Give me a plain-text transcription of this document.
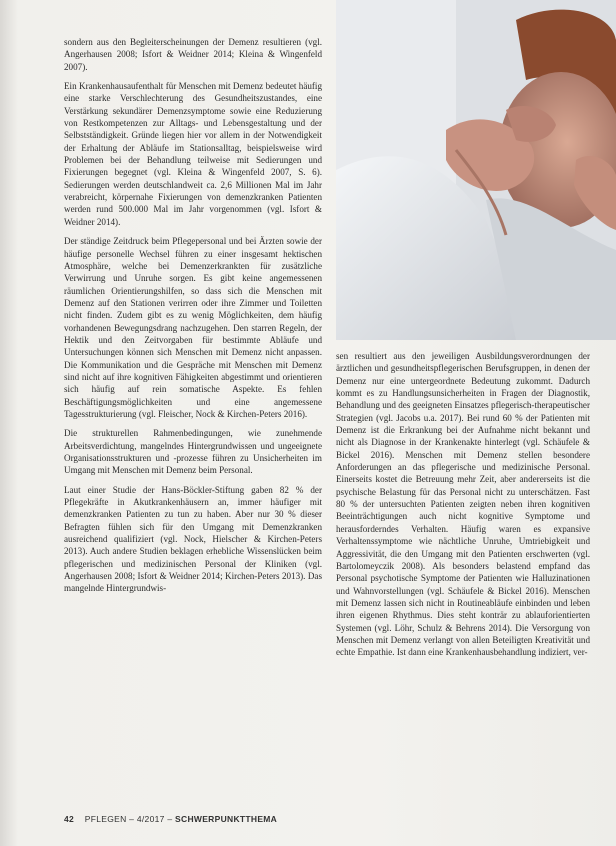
sondern aus den Begleiterscheinungen der Demenz resultieren (vgl. Angerhausen 2008; Isfort & Weidner 2014; Kleina & Wingenfeld 2007).

Ein Krankenhausaufenthalt für Menschen mit Demenz bedeutet häufig eine starke Verschlechterung des Gesundheitszustandes, eine Verstärkung sekundärer Demenzsymptome sowie eine Reduzierung von Restkompetenzen zur Alltags- und Lebensgestaltung und der Selbstständigkeit. Gründe liegen hier vor allem in der Notwendigkeit der Erhaltung der Abläufe im Stationsalltag, beispielsweise wird Problemen bei der Behandlung teilweise mit Sedierungen und Fixierungen begegnet (vgl. Kleina & Wingenfeld 2007, S. 6). Sedierungen werden deutschlandweit ca. 2,6 Millionen Mal im Jahr verabreicht, körpernahe Fixierungen von demenzkranken Patienten werden rund 500.000 Mal im Jahr vorgenommen (vgl. Isfort & Weidner 2014).

Der ständige Zeitdruck beim Pflegepersonal und bei Ärzten sowie der häufige personelle Wechsel führen zu einer insgesamt hektischen Atmosphäre, welche bei Demenzerkrankten für zusätzliche Verwirrung und Unruhe sorgen. Es gibt keine angemessenen räumlichen Orientierungshilfen, so dass sich die Menschen mit Demenz auf den Stationen verirren oder ihre Zimmer und Toiletten nicht finden. Zudem gibt es zu wenig Möglichkeiten, dem häufig vorhandenen Bewegungsdrang nachzugehen. Den starren Regeln, der Hektik und den Zeitvorgaben für bestimmte Abläufe und Untersuchungen können sich Menschen mit Demenz nicht anpassen. Die Kommunikation und die Gespräche mit Menschen mit Demenz sind nicht auf ihre kognitiven Fähigkeiten abgestimmt und orientieren sich häufig auf rein somatische Aspekte. Es fehlen Beschäftigungsmöglichkeiten und eine angemessene Tagesstrukturierung (vgl. Fleischer, Nock & Kirchen-Peters 2016).

Die strukturellen Rahmenbedingungen, wie zunehmende Arbeitsverdichtung, mangelndes Hintergrundwissen und ungeeignete Organisationsstrukturen und -prozesse führen zu Unsicherheiten im Umgang mit Menschen mit Demenz beim Personal.

Laut einer Studie der Hans-Böckler-Stiftung gaben 82 % der Pflegekräfte in Akutkrankenhäusern an, immer häufiger mit demenzkranken Patienten zu tun zu haben. Aber nur 30 % dieser Befragten fühlen sich für den Umgang mit Demenzkranken ausreichend qualifiziert (vgl. Nock, Hielscher & Kirchen-Peters 2013). Auch andere Studien beklagen erhebliche Wissenslücken beim pflegerischen und medizinischen Personal der Kliniken (vgl. Angerhausen 2008; Isfort & Weidner 2014; Kirchen-Peters 2013). Das mangelnde Hintergrundwis-

sen resultiert aus den jeweiligen Ausbildungsverordnungen der ärztlichen und gesundheitspflegerischen Berufsgruppen, in denen der Demenz nur eine untergeordnete Bedeutung zukommt. Dadurch kommt es zu Handlungsunsicherheiten in Fragen der Diagnostik, Behandlung und des geeigneten Einsatzes pflegerisch-therapeutischer Strategien (vgl. Jacobs u.a. 2017). Bei rund 60 % der Patienten mit Demenz ist die Erkrankung bei der Aufnahme nicht bekannt und nicht als Diagnose in der Krankenakte hinterlegt (vgl. Schäufele & Bickel 2016). Menschen mit Demenz stellen besondere Anforderungen an das pflegerische und medizinische Personal. Einerseits kostet die Betreuung mehr Zeit, aber andererseits ist die psychische Belastung für das Personal nicht zu unterschätzen. Fast 80 % der untersuchten Patienten zeigten neben ihren kognitiven Beeinträchtigungen auch nicht kognitive Symptome und herausforderndes Verhalten. Häufig waren es expansive Verhaltenssymptome wie nächtliche Unruhe, Umtriebigkeit und Aggressivität, die den Umgang mit den Patienten erschwerten (vgl. Bartolomeyczik 2008). Als besonders belastend empfand das Personal psychotische Symptome der Patienten wie Halluzinationen und Wahnvorstellungen (vgl. Schäufele & Bickel 2016). Menschen mit Demenz lassen sich nicht in Routineabläufe einbinden und leben ihren eigenen Rhythmus. Dies steht konträr zu ablauforientierten Systemen (vgl. Löhr, Schulz & Behrens 2014). Die Versorgung von Menschen mit Demenz verlangt von allen Beteiligten Kreativität und echte Empathie. Ist dann eine Krankenhausbehandlung indiziert, ver-

42 PFLEGEN – 4/2017 – SCHWERPUNKTTHEMA
